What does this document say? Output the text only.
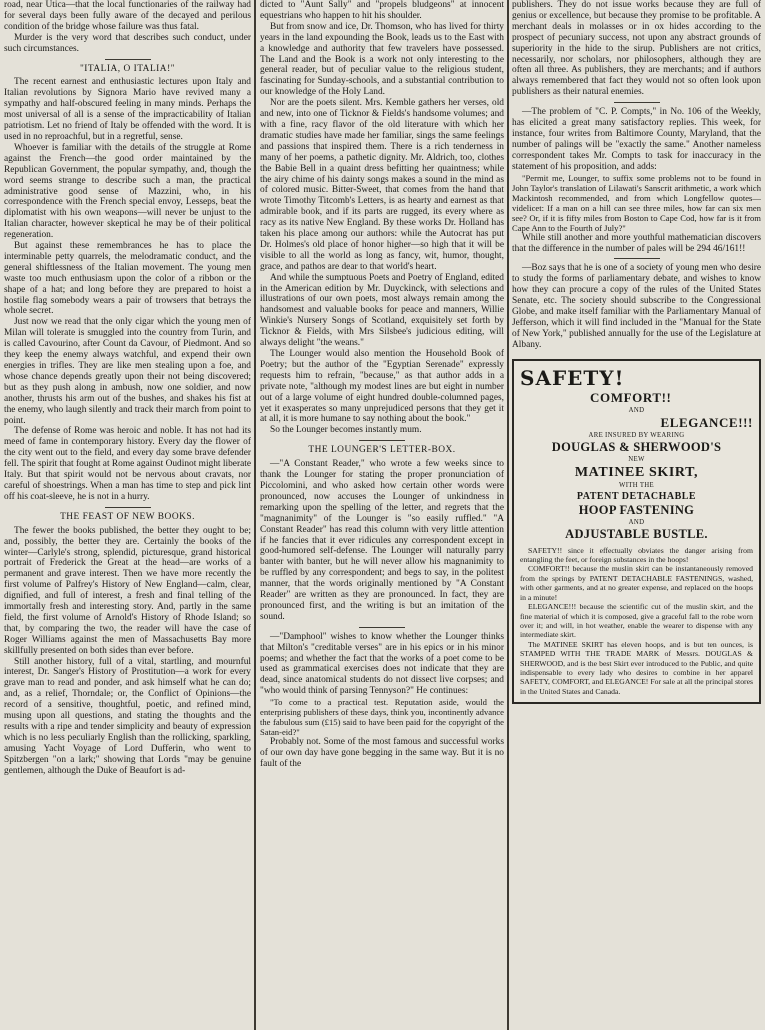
road, near Utica—that the local functionaries of the railway had for several days been fully aware of the decayed and perilous condition of the bridge whose failure was thus fatal.

Murder is the very word that describes such conduct, under such circumstances.

"ITALIA, O ITALIA!"

The recent earnest and enthusiastic lectures upon Italy and Italian revolutions by Signora Mario have revived many a sympathy and half-obscured feeling in many minds. Perhaps the most universal of all is a sense of the impracticability of Italian patriotism. Let no friend of Italy be offended with the word. It is used in no reproachful, but in a regretful, sense.

Whoever is familiar with the details of the struggle at Rome against the French—the good order maintained by the Republican Government, the popular sympathy, and, though the word seems strange to describe such a man, the practical administrative good sense of Mazzini, who, in his correspondence with the French special envoy, Lesseps, beat the diplomatist with his own weapons—will never be unjust to the Italian character, however skeptical he may be of their political regeneration.

But against these remembrances he has to place the interminable petty quarrels, the melodramatic conduct, and the general shiftlessness of the Italian movement. The young men waste too much enthusiasm upon the color of a ribbon or the shape of a hat; and long before they are prepared to hoist a hostile flag somebody wears a pair of trowsers that betrays the whole secret.

Just now we read that the only cigar which the young men of Milan will tolerate is smuggled into the country from Turin, and is called Cavourino, after Count da Cavour, of Piedmont. And so they keep the enemy always watchful, and expend their own energies in trifles. They are like men stealing upon a foe, and whose chance depends greatly upon their not being discovered; but as they push along in ambush, now one soldier, and now another, thrusts his arm out of the bushes, and shakes his fist at the enemy, who laugh silently and track their march from point to point.

The defense of Rome was heroic and noble. It has not had its meed of fame in contemporary history. Every day the flower of the city went out to the field, and every day some brave defender fell. The spirit that fought at Rome against Oudinot might liberate Italy. But that spirit would not be nervous about cravats, nor careful of shoestrings. When a man has time to step and pick lint off his coat-sleeve, he is not in a hurry.

THE FEAST OF NEW BOOKS.

The fewer the books published, the better they ought to be; and, possibly, the better they are. Certainly the books of the winter—Carlyle's strong, splendid, picturesque, grand historical portrait of Frederick the Great at the head—are works of a permanent and grave interest. Then we have more recently the first volume of Palfrey's History of New England—calm, clear, dignified, and full of interest, a fresh and final telling of the immortally fresh and interesting story. And, partly in the same field, the first volume of Arnold's History of Rhode Island; so that, by comparing the two, the reader will have the case of Roger Williams against the men of Massachusetts Bay more skillfully presented on both sides than ever before.

Still another history, full of a vital, startling, and mournful interest, Dr. Sanger's History of Prostitution—a work for every grave man to read and ponder, and ask himself what he can do; and, as a relief, Thorndale; or, the Conflict of Opinions—the record of a sensitive, thoughtful, poetic, and refined mind, musing upon all questions, and stating the thoughts and the results with a ripe and tender simplicity and beauty of expression which is no less peculiarly English than the rollicking, sparkling, amusing Yacht Voyage of Lord Dufferin, who went to Spitzbergen "on a lark;" showing that Lords "may be genuine gentlemen, although the Duke of Beaufort is ad-

dicted to "Aunt Sally" and "propels bludgeons" at innocent equestrians who happen to hit his shoulder.

But from snow and ice, Dr. Thomson, who has lived for thirty years in the land expounding the Book, leads us to the East with a knowledge and authority that few travelers have possessed. The Land and the Book is a work not only interesting to the general reader, but of peculiar value to the religious student, fascinating for Sunday-schools, and a substantial contribution to our knowledge of the Holy Land.

Nor are the poets silent. Mrs. Kemble gathers her verses, old and new, into one of Ticknor & Fields's handsome volumes; and with a fine, racy flavor of the old literature with which her dramatic studies have made her familiar, sings the same feelings and passions that inspired them. There is a rich tenderness in many of her poems, a pathetic dignity. Mr. Aldrich, too, clothes the Babie Bell in a quaint dress befitting her quaintness; while the airy chime of his dainty songs makes a sound in the mind as of colored music. Bitter-Sweet, that comes from the hand that wrote Timothy Titcomb's Letters, is as hearty and earnest as that admirable book, and if its parts are rugged, its every where as racy as its native New England. By these works Dr. Holland has taken his place among our authors: while the Autocrat has put Dr. Holmes's old place of honor higher—so high that it will be visible to all the world as long as fancy, wit, humor, thought, grace, and pathos are dear to that world's heart.

And while the sumptuous Poets and Poetry of England, edited in the American edition by Mr. Duyckinck, with selections and illustrations of our own poets, most always remain among the handsomest and valuable books for peace and manners, Willie Winkie's Nursery Songs of Scotland, exquisitely set forth by Ticknor & Fields, with Mrs Silsbee's judicious editing, will always delight "the weans."

The Lounger would also mention the Household Book of Poetry; but the author of the "Egyptian Serenade" expressly requests him to refrain, "because," as that author adds in a private note, "although my modest lines are but eight in number out of a large volume of eight hundred double-columned pages, yet it exasperates so many unprejudiced persons that they get it at all, it is more humane to say nothing about the book."

So the Lounger becomes instantly mum.

THE LOUNGER'S LETTER-BOX.

—"A Constant Reader," who wrote a few weeks since to thank the Lounger for stating the proper pronunciation of Piccolomini, and who asked how certain other words were pronounced, now accuses the Lounger of unkindness in remarking upon the spelling of the letter, and regrets that the "magnanimity" of the Lounger is "so easily ruffled." "A Constant Reader" has read this column with very little attention if he fancies that it ever ridicules any correspondent except in good-humored self-defense. The Lounger will naturally parry banter with banter, but he will never allow his magnanimity to be ruffled by any correspondent; and begs to say, in the politest manner, that the words originally mentioned by "A Constant Reader" are written as they are pronounced. In fact, they are pronounced first, and the writing is but an imitation of the sound.

—"Damphool" wishes to know whether the Lounger thinks that Milton's "creditable verses" are in his epics or in his minor poems; and whether the fact that the works of a poet come to be used as grammatical exercises does not indicate that they are dead, since anatomical students do not dissect live corpses; and "who would think of parsing Tennyson?" He continues:

"To come to a practical test. Reputation aside, would the enterprising publishers of these days, think you, incontinently advance the fabulous sum (£15) said to have been paid for the copyright of the Satan-eid?"

Probably not. Some of the most famous and successful works of our own day have gone begging in the same way. But it is no fault of the

publishers. They do not issue works because they are full of genius or excellence, but because they promise to be profitable. A merchant deals in molasses or in ox hides according to the prospect of pecuniary success, not upon any abstract grounds of superiority in the hide to the sirup. Publishers are not critics, necessarily, nor scholars, nor philosophers, although they are often all three. As publishers, they are merchants; and if authors always remembered that fact they would not so often look upon publishers as their natural enemies.

—The problem of "C. P. Compts," in No. 106 of the Weekly, has elicited a great many satisfactory replies. This week, for instance, four writes from Baltimore County, Maryland, that the number of palings will be "exactly the same." Another nameless correspondent takes Mr. Compts to task for inaccuracy in the statement of his proposition, and adds:

"Permit me, Lounger, to suffix some problems not to be found in John Taylor's translation of Lilawati's Sanscrit arithmetic, a work which Mackintosh recommended, and from which Longfellow quotes—videlicet: If a man on a hill can see three miles, how far can six men see? Or, if it is fifty miles from Boston to Cape Cod, how far is it from Cape Ann to the Fourth of July?"

While still another and more youthful mathematician discovers that the difference in the number of pales will be 294 46/161!!

—Boz says that he is one of a society of young men who desire to study the forms of parliamentary debate, and wishes to know how they can procure a copy of the rules of the United States Senate, etc. The society should subscribe to the Congressional Globe, and make itself familiar with the Parliamentary Manual of Jefferson, which it will find included in the "Manual for the State of New York," published annually for the use of the Legislature at Albany.

SAFETY!
COMFORT!!
AND
ELEGANCE!!!
ARE INSURED BY WEARING
DOUGLAS & SHERWOOD'S
NEW
MATINEE SKIRT,
WITH THE
PATENT DETACHABLE
HOOP FASTENING
AND
ADJUSTABLE BUSTLE.

SAFETY!! since it effectually obviates the danger arising from entangling the feet, or foreign substances in the hoops!

COMFORT!! because the muslin skirt can be instantaneously removed from the springs by PATENT DETACHABLE FASTENINGS, washed, with other garments, and at no greater expense, and replaced on the hoops in a minute!

ELEGANCE!!! because the scientific cut of the muslin skirt, and the fine material of which it is composed, give a graceful fall to the robe worn over it; and will, in hot weather, enable the wearer to dispense with any intermediate skirt.

The MATINEE SKIRT has eleven hoops, and is but ten ounces, is STAMPED WITH THE TRADE MARK of Messrs. DOUGLAS & SHERWOOD, and is the best Skirt ever introduced to the Public, and quite indispensable to every lady who desires to combine in her apparel SAFETY, COMFORT, and ELEGANCE! For sale at all the principal stores in the United States and Canada.
